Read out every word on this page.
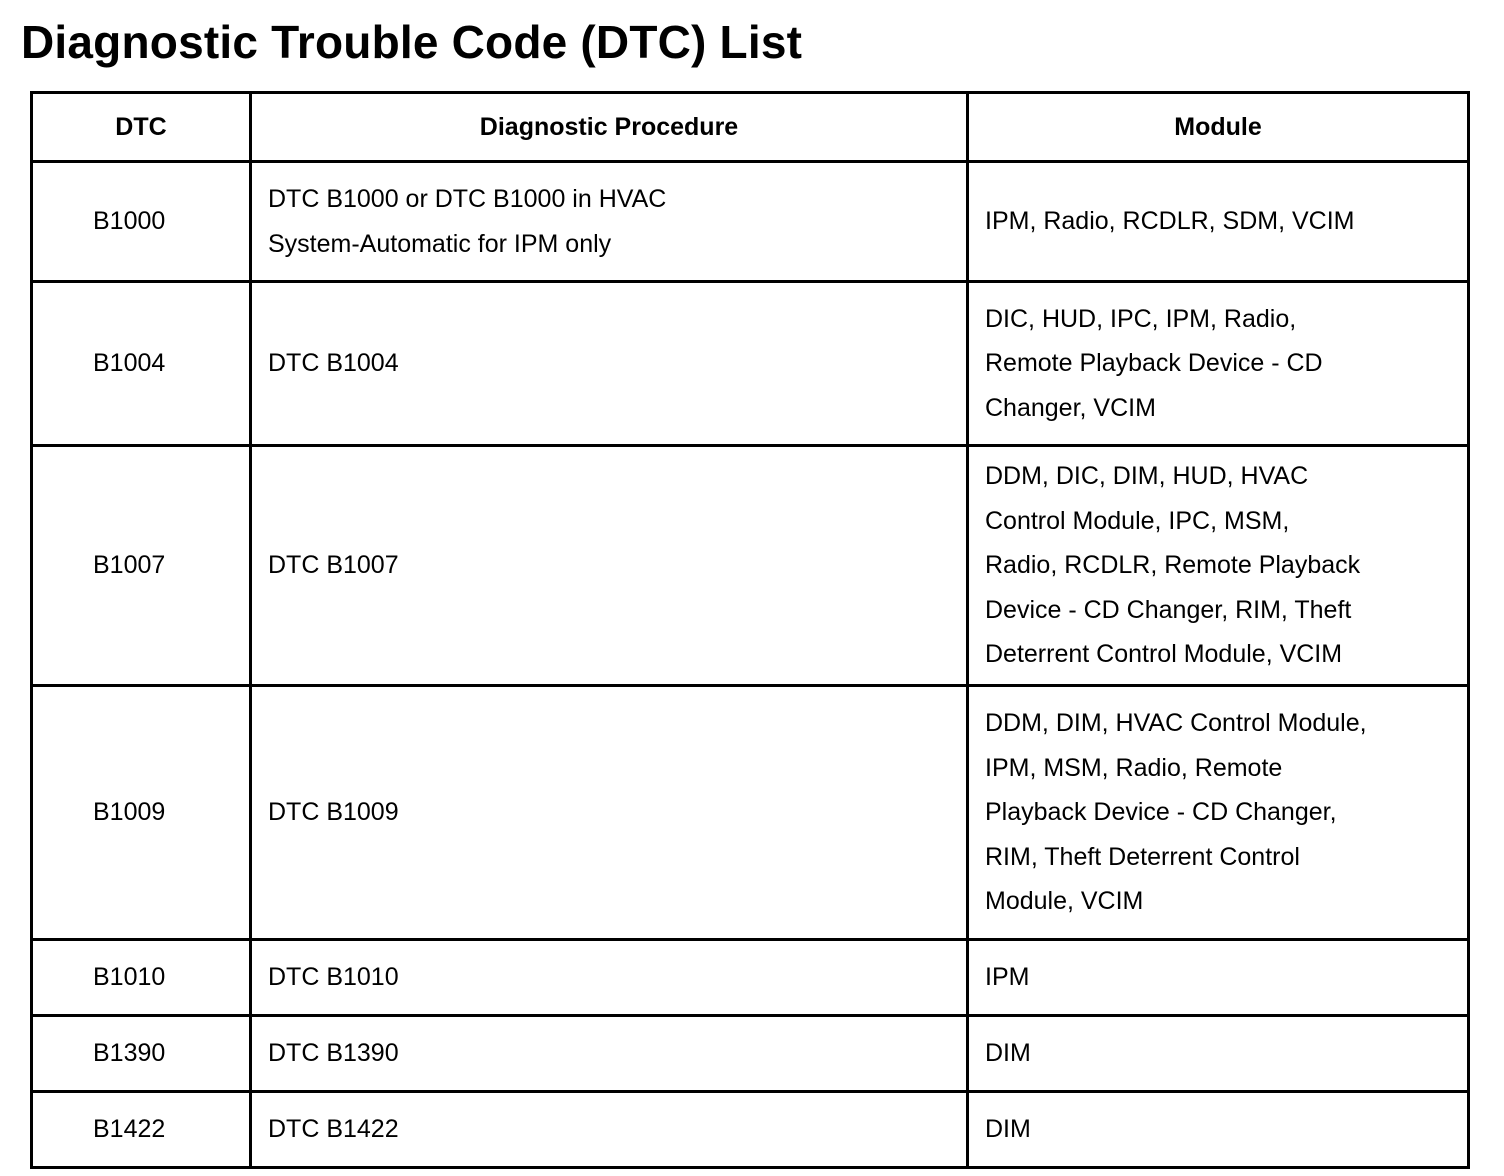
Diagnostic Trouble Code (DTC) List
DTC	Diagnostic Procedure	Module
B1000	DTC B1000 or DTC B1000 in HVAC
System-Automatic for IPM only	IPM, Radio, RCDLR, SDM, VCIM

B1004	DTC B1004	DIC, HUD, IPC, IPM, Radio,
Remote Playback Device - CD
Changer, VCIM

B1007	DTC B1007	DDM, DIC, DIM, HUD, HVAC
Control Module, IPC, MSM,
Radio, RCDLR, Remote Playback
Device - CD Changer, RIM, Theft
Deterrent Control Module, VCIM

B1009	DTC B1009	DDM, DIM, HVAC Control Module,
IPM, MSM, Radio, Remote
Playback Device - CD Changer,
RIM, Theft Deterrent Control
Module, VCIM

B1010	DTC B1010	IPM

B1390	DTC B1390	DIM

B1422	DTC B1422	DIM
